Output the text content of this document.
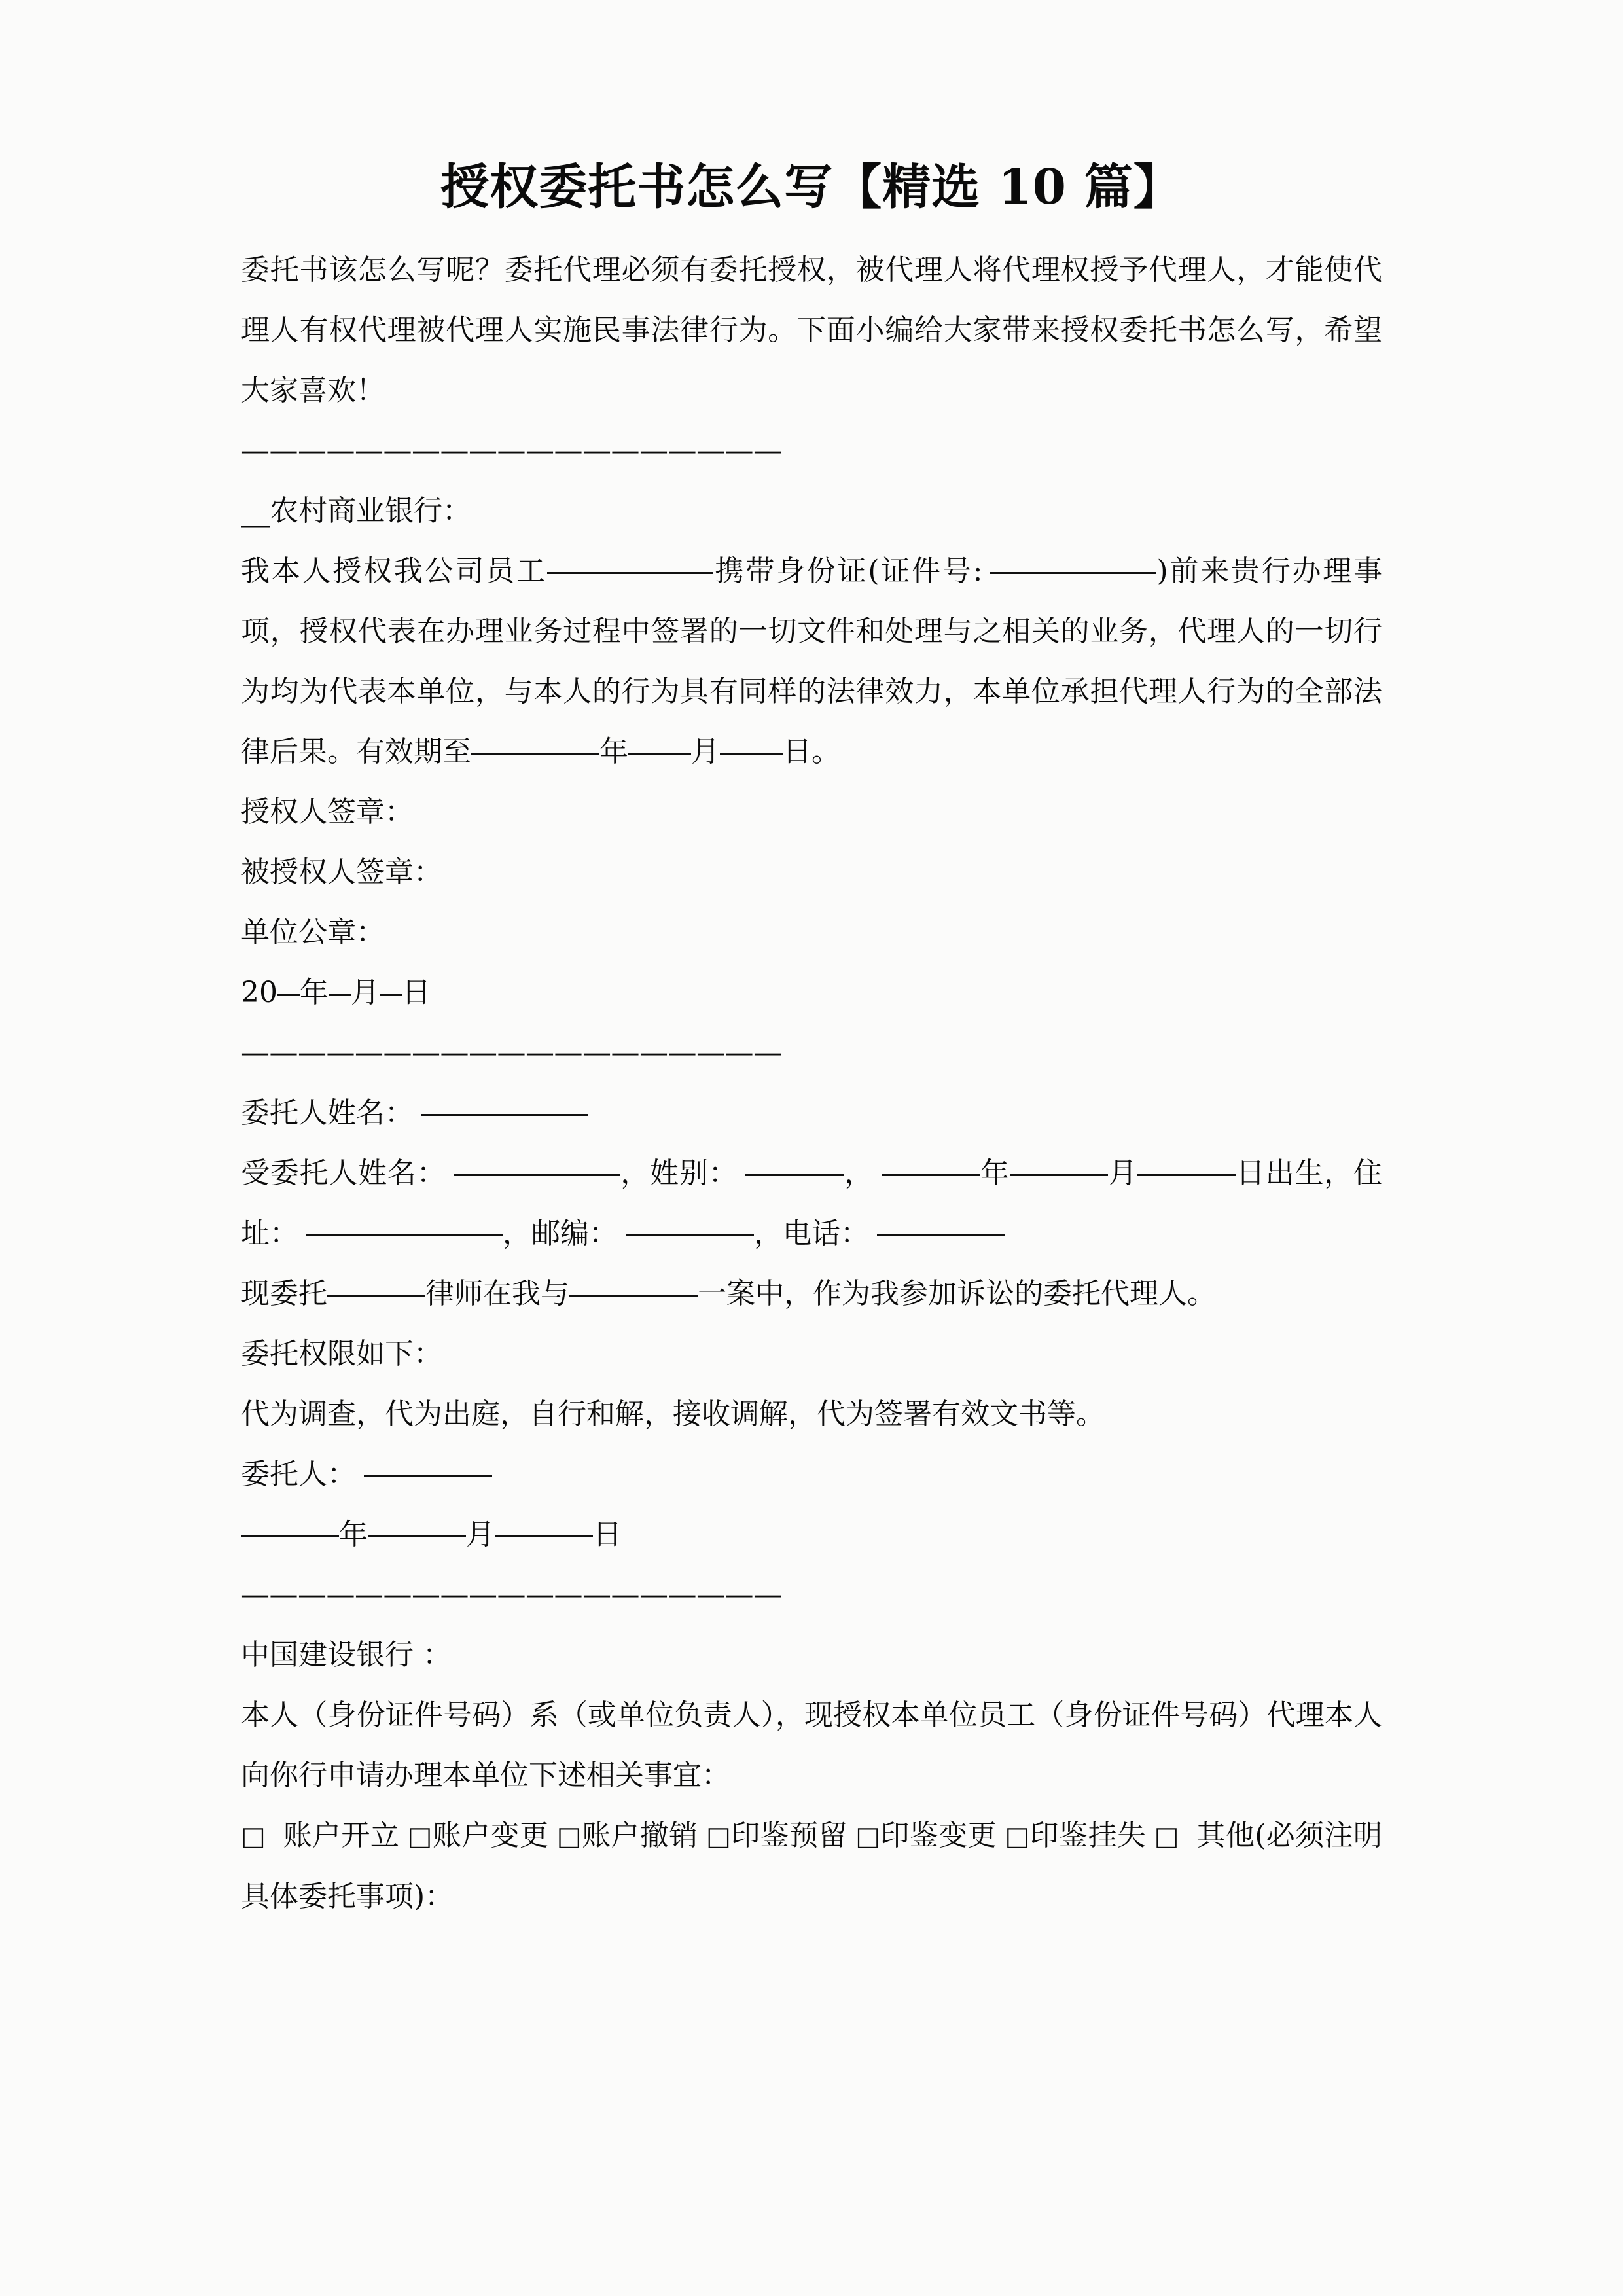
授权委托书怎么写【精选 10 篇】

委托书该怎么写呢？委托代理必须有委托授权，被代理人将代理权授予代理人，才能使代理人有权代理被代理人实施民事法律行为。下面小编给大家带来授权委托书怎么写，希望大家喜欢！

———————————————————
__农村商业银行：

我本人授权我公司员工	携带身份证(证件号:	)前来贵行办理事项，授权代表在办理业务过程中签署的一切文件和处理与之相关的业务，代理人的一切行为均为代表本单位，与本人的行为具有同样的法律效力，本单位承担代理人行为的全部法律后果。有效期至	年 月 日。

授权人签章：
被授权人签章：
单位公章：
20 年 月 日
———————————————————
委托人姓名：

受委托人姓名：	，姓别：	，	年	月	日出生，住址：	，邮编：	，电话：

现委托	律师在我与	一案中，作为我参加诉讼的委托代理人。
委托权限如下：
代为调查，代为出庭，自行和解，接收调解，代为签署有效文书等。
委托人：
年	月	日
———————————————————
中国建设银行 ：

本人（身份证件号码）系（或单位负责人），现授权本单位员工（身份证件号码）代理本人向你行申请办理本单位下述相关事宜：

□ 账户开立 □账户变更 □账户撤销 □印鉴预留 □印鉴变更 □印鉴挂失 □ 其他(必须注明具体委托事项)：
